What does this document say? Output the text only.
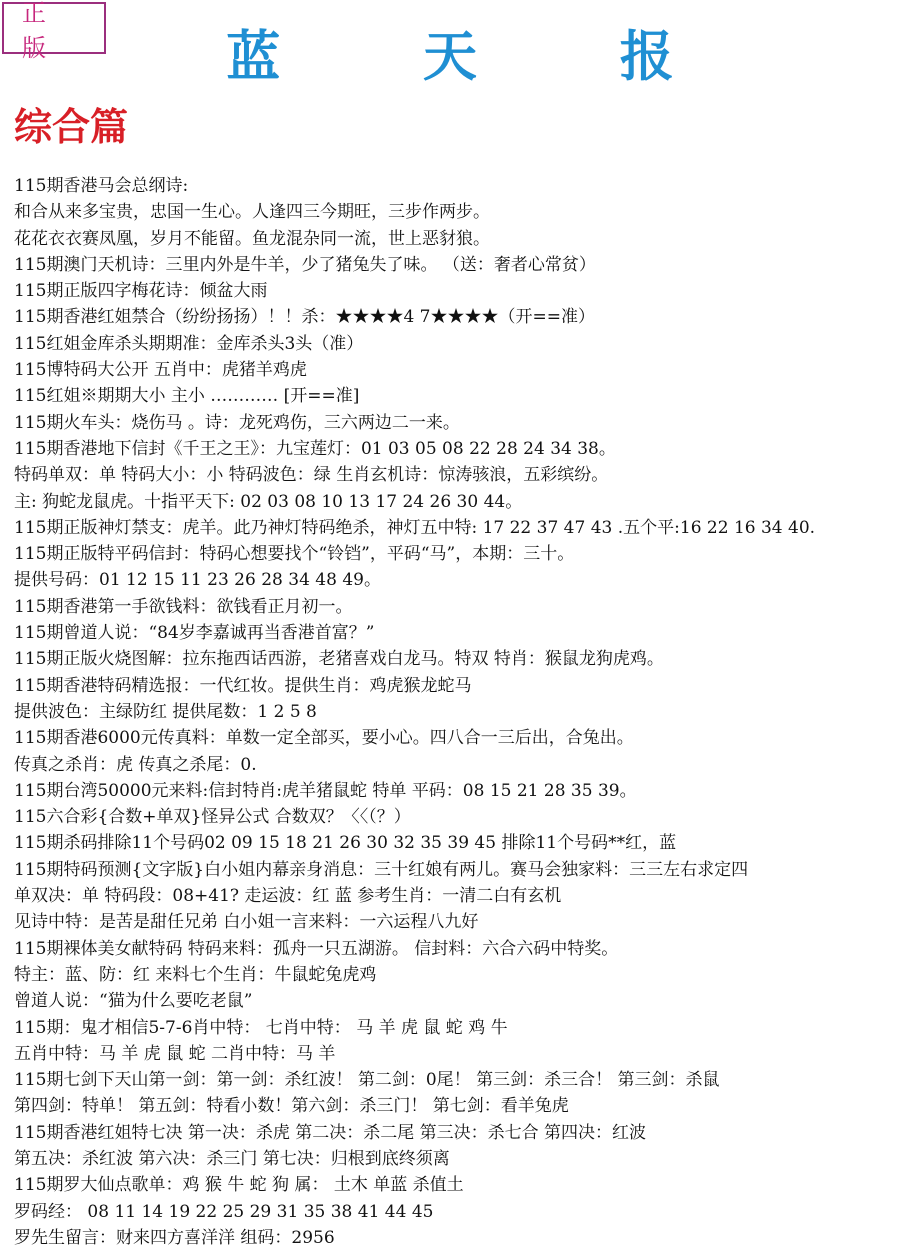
正 版	蓝 天 报
综合篇
115期香港马会总纲诗:
和合从来多宝贵，忠国一生心。人逢四三今期旺，三步作两步。
花花衣衣赛凤凰，岁月不能留。鱼龙混杂同一流，世上恶豺狼。
115期澳门天机诗：三里内外是牛羊，少了猪兔失了味。 （送：奢者心常贫）
115期正版四字梅花诗：倾盆大雨
115期香港红姐禁合（纷纷扬扬）！！杀：★★★★4 7★★★★（开==准）
115红姐金库杀头期期准：金库杀头3头（准）
115博特码大公开 五肖中：虎猪羊鸡虎
115红姐※期期大小 主小 ………… [开==准]
115期火车头：烧伤马 。诗：龙死鸡伤，三六两边二一来。
115期香港地下信封《千王之王》：九宝莲灯：01 03 05 08 22 28 24 34 38。
特码单双：单 特码大小：小 特码波色：绿 生肖玄机诗：惊涛骇浪，五彩缤纷。
主: 狗蛇龙鼠虎。十指平天下: 02 03 08 10 13 17 24 26 30 44。
115期正版神灯禁支：虎羊。此乃神灯特码绝杀，神灯五中特: 17 22 37 47 43 .五个平:16 22 16 34 40.
115期正版特平码信封：特码心想要找个“铃铛”，平码“马”，本期：三十。
提供号码：01 12 15 11 23 26 28 34 48 49。
115期香港第一手欲钱料：欲钱看正月初一。
115期曾道人说：“84岁李嘉诚再当香港首富？”
115期正版火烧图解：拉东拖西话西游，老猪喜戏白龙马。特双 特肖：猴鼠龙狗虎鸡。
115期香港特码精选报：一代红妆。提供生肖：鸡虎猴龙蛇马
提供波色：主绿防红 提供尾数：1 2 5 8
115期香港6000元传真料：单数一定全部买，要小心。四八合一三后出，合兔出。
传真之杀肖：虎 传真之杀尾：0.
115期台湾50000元来料:信封特肖:虎羊猪鼠蛇 特单 平码：08 15 21 28 35 39。
115六合彩{合数+单双}怪异公式 合数双？〈〈（？）
115期杀码排除11个号码02 09 15 18 21 26 30 32 35 39 45 排除11个号码**红，蓝
115期特码预测{文字版}白小姐内幕亲身消息：三十红娘有两儿。赛马会独家料：三三左右求定四
单双决：单 特码段：08+41? 走运波：红 蓝 参考生肖：一清二白有玄机
见诗中特：是苦是甜任兄弟 白小姐一言来料：一六运程八九好
115期裸体美女献特码 特码来料：孤舟一只五湖游。 信封料：六合六码中特奖。
特主：蓝、防：红 来料七个生肖：牛鼠蛇兔虎鸡
曾道人说：“猫为什么要吃老鼠”
115期：鬼才相信5-7-6肖中特： 七肖中特： 马 羊 虎 鼠 蛇 鸡 牛
五肖中特：马 羊 虎 鼠 蛇 二肖中特：马 羊
115期七剑下天山第一剑：第一剑：杀红波！ 第二剑：0尾！ 第三剑：杀三合！ 第三剑：杀鼠
第四剑：特单！ 第五剑：特看小数！第六剑：杀三门！ 第七剑：看羊兔虎
115期香港红姐特七决 第一决：杀虎 第二决：杀二尾 第三决：杀七合 第四决：红波
第五决：杀红波 第六决：杀三门 第七决：归根到底终须离
115期罗大仙点歌单：鸡 猴 牛 蛇 狗 属： 土木 单蓝 杀值土
罗码经： 08 11 14 19 22 25 29 31 35 38 41 44 45
罗先生留言：财来四方喜洋洋 组码：2956
